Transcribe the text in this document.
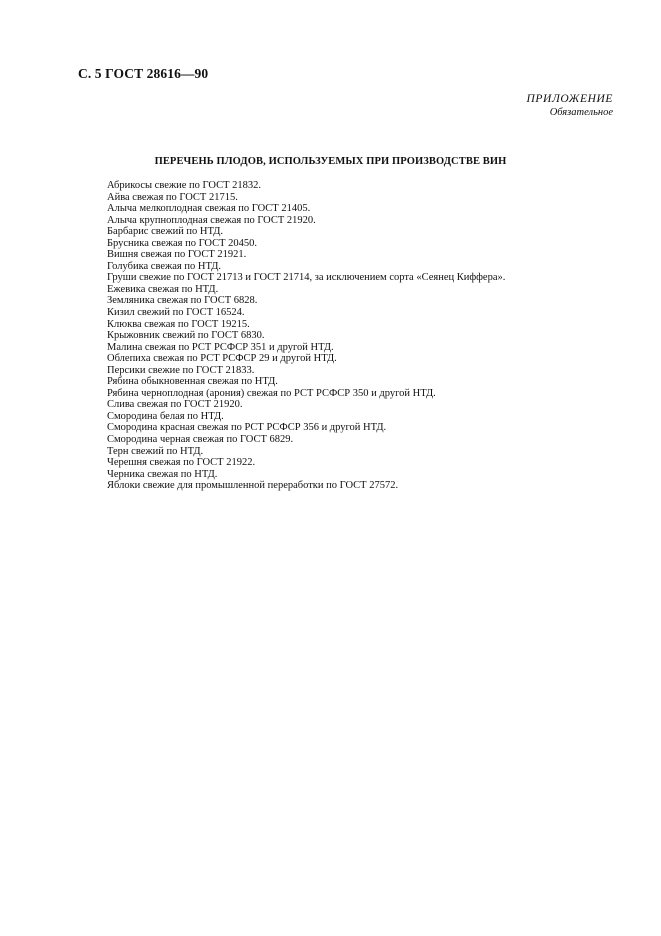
С. 5 ГОСТ 28616—90
ПРИЛОЖЕНИЕ
Обязательное
ПЕРЕЧЕНЬ ПЛОДОВ, ИСПОЛЬЗУЕМЫХ ПРИ ПРОИЗВОДСТВЕ ВИН
Абрикосы свежие по ГОСТ 21832.
Айва свежая по ГОСТ 21715.
Алыча мелкоплодная свежая по ГОСТ 21405.
Алыча крупноплодная свежая по ГОСТ 21920.
Барбарис свежий по НТД.
Брусника свежая по ГОСТ 20450.
Вишня свежая по ГОСТ 21921.
Голубика свежая по НТД.
Груши свежие по ГОСТ 21713 и ГОСТ 21714, за исключением сорта «Сеянец Киффера».
Ежевика свежая по НТД.
Земляника свежая по ГОСТ 6828.
Кизил свежий по ГОСТ 16524.
Клюква свежая по ГОСТ 19215.
Крыжовник свежий по ГОСТ 6830.
Малина свежая по РСТ РСФСР 351 и другой НТД.
Облепиха свежая по РСТ РСФСР 29 и другой НТД.
Персики свежие по ГОСТ 21833.
Рябина обыкновенная свежая по НТД.
Рябина черноплодная (арония) свежая по РСТ РСФСР 350 и другой НТД.
Слива свежая по ГОСТ 21920.
Смородина белая по НТД.
Смородина красная свежая по РСТ РСФСР 356 и другой НТД.
Смородина черная свежая по ГОСТ 6829.
Терн свежий по НТД.
Черешня свежая по ГОСТ 21922.
Черника свежая по НТД.
Яблоки свежие для промышленной переработки по ГОСТ 27572.
